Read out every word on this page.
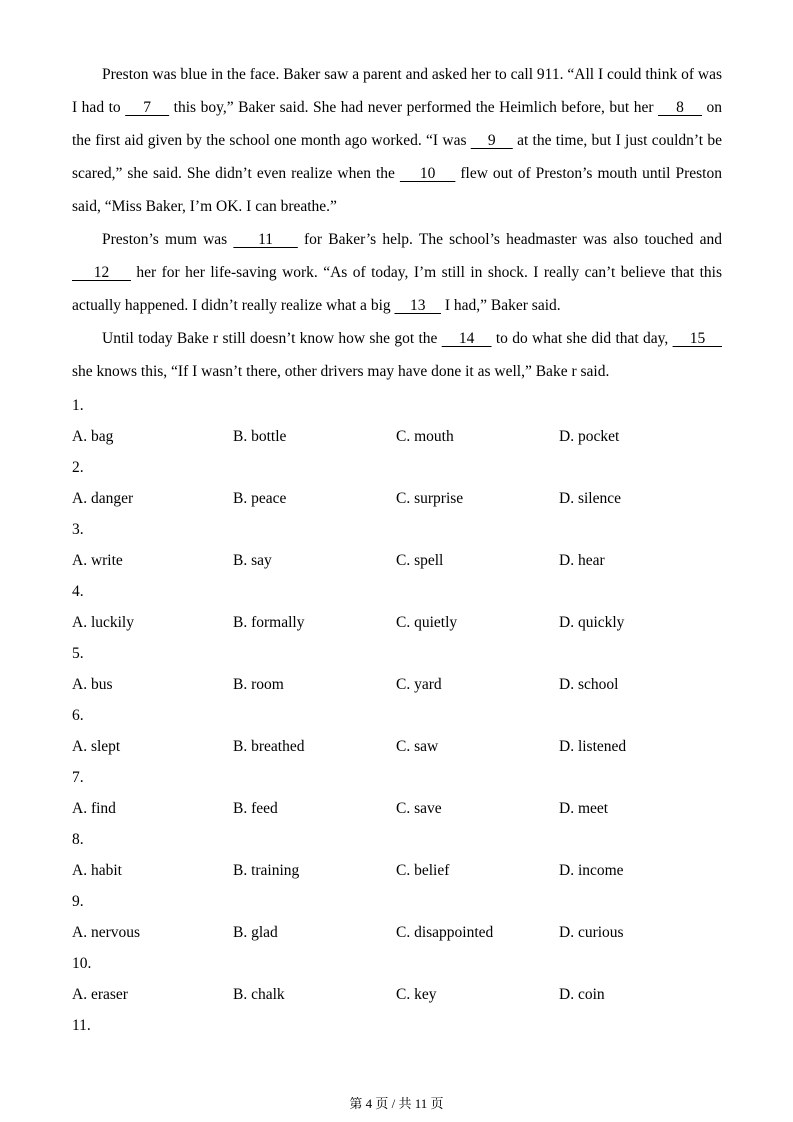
Preston was blue in the face. Baker saw a parent and asked her to call 911. “All I could think of was I had to     7     this boy,” Baker said. She had never performed the Heimlich before, but her     8     on the first aid given by the school one month ago worked. “I was     9     at the time, but I just couldn’t be scared,” she said. She didn’t even realize when the     10     flew out of Preston’s mouth until Preston said, “Miss Baker, I’m OK. I can breathe.”

Preston’s mum was     11     for Baker’s help. The school’s headmaster was also touched and     12     her for her life-saving work. “As of today, I’m still in shock. I really can’t believe that this actually happened. I didn’t really realize what a big     13     I had,” Baker said.

Until today Bake r still doesn’t know how she got the     14     to do what she did that day,     15     she knows this, “If I wasn’t there, other drivers may have done it as well,” Bake r said.

1.
A. bag	B. bottle	C. mouth	D. pocket
2.
A. danger	B. peace	C. surprise	D. silence
3.
A. write	B. say	C. spell	D. hear
4.
A. luckily	B. formally	C. quietly	D. quickly
5.
A. bus	B. room	C. yard	D. school
6.
A. slept	B. breathed	C. saw	D. listened
7.
A. find	B. feed	C. save	D. meet
8.
A. habit	B. training	C. belief	D. income
9.
A. nervous	B. glad	C. disappointed	D. curious
10.
A. eraser	B. chalk	C. key	D. coin
11.
第 4 页 / 共 11 页
